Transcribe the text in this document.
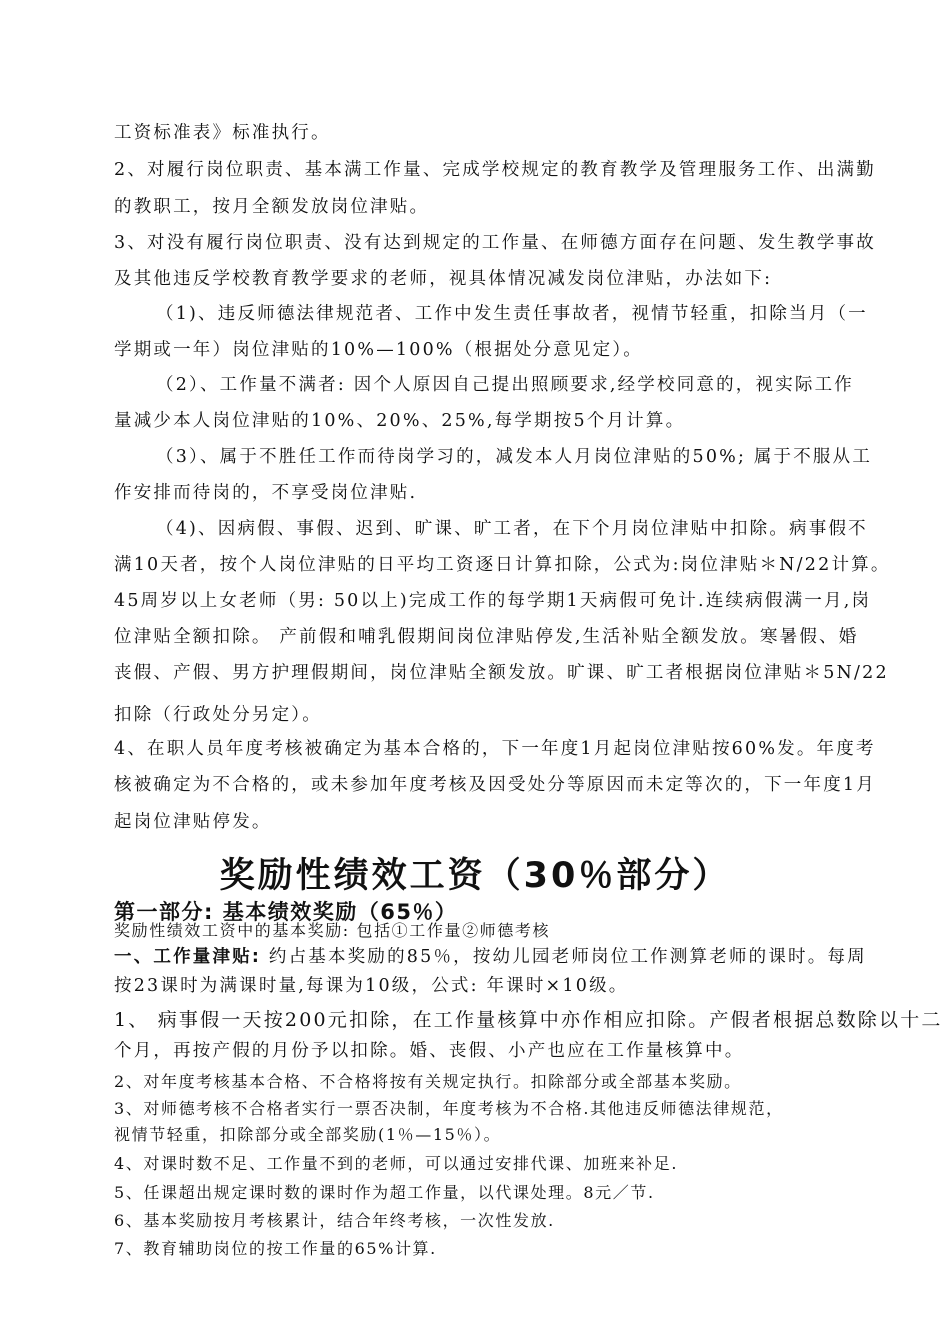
工资标准表》标准执行。
2、对履行岗位职责、基本满工作量、完成学校规定的教育教学及管理服务工作、出满勤
的教职工，按月全额发放岗位津贴。
3、对没有履行岗位职责、没有达到规定的工作量、在师德方面存在问题、发生教学事故
及其他违反学校教育教学要求的老师，视具体情况减发岗位津贴，办法如下:
（1)、违反师德法律规范者、工作中发生责任事故者，视情节轻重，扣除当月（一
学期或一年）岗位津贴的10%—100%（根据处分意见定）。
（2）、工作量不满者: 因个人原因自己提出照顾要求,经学校同意的，视实际工作
量减少本人岗位津贴的10%、20%、25%,每学期按5个月计算。
（3）、属于不胜任工作而待岗学习的，减发本人月岗位津贴的50%; 属于不服从工
作安排而待岗的，不享受岗位津贴.
（4)、因病假、事假、迟到、旷课、旷工者，在下个月岗位津贴中扣除。病事假不
满10天者，按个人岗位津贴的日平均工资逐日计算扣除，公式为:岗位津贴＊N/22计算。
45周岁以上女老师（男: 50以上)完成工作的每学期1天病假可免计.连续病假满一月,岗
位津贴全额扣除。 产前假和哺乳假期间岗位津贴停发,生活补贴全额发放。寒暑假、婚
丧假、产假、男方护理假期间，岗位津贴全额发放。旷课、旷工者根据岗位津贴＊5N/22
扣除（行政处分另定）。
4、在职人员年度考核被确定为基本合格的，下一年度1月起岗位津贴按60%发。年度考
核被确定为不合格的，或未参加年度考核及因受处分等原因而未定等次的，下一年度1月
起岗位津贴停发。
奖励性绩效工资（30％部分）
第一部分: 基本绩效奖励（65％）
奖励性绩效工资中的基本奖励: 包括①工作量②师德考核
一、工作量津贴: 约占基本奖励的85％，按幼儿园老师岗位工作测算老师的课时。每周
按23课时为满课时量,每课为10级，公式: 年课时×10级。
1、 病事假一天按200元扣除，在工作量核算中亦作相应扣除。产假者根据总数除以十二
个月，再按产假的月份予以扣除。婚、丧假、小产也应在工作量核算中。
2、对年度考核基本合格、不合格将按有关规定执行。扣除部分或全部基本奖励。
3、对师德考核不合格者实行一票否决制，年度考核为不合格.其他违反师德法律规范，
视情节轻重，扣除部分或全部奖励(1％—15％）。
4、对课时数不足、工作量不到的老师，可以通过安排代课、加班来补足.
5、任课超出规定课时数的课时作为超工作量，以代课处理。8元／节.
6、基本奖励按月考核累计，结合年终考核，一次性发放.
7、教育辅助岗位的按工作量的65%计算.
